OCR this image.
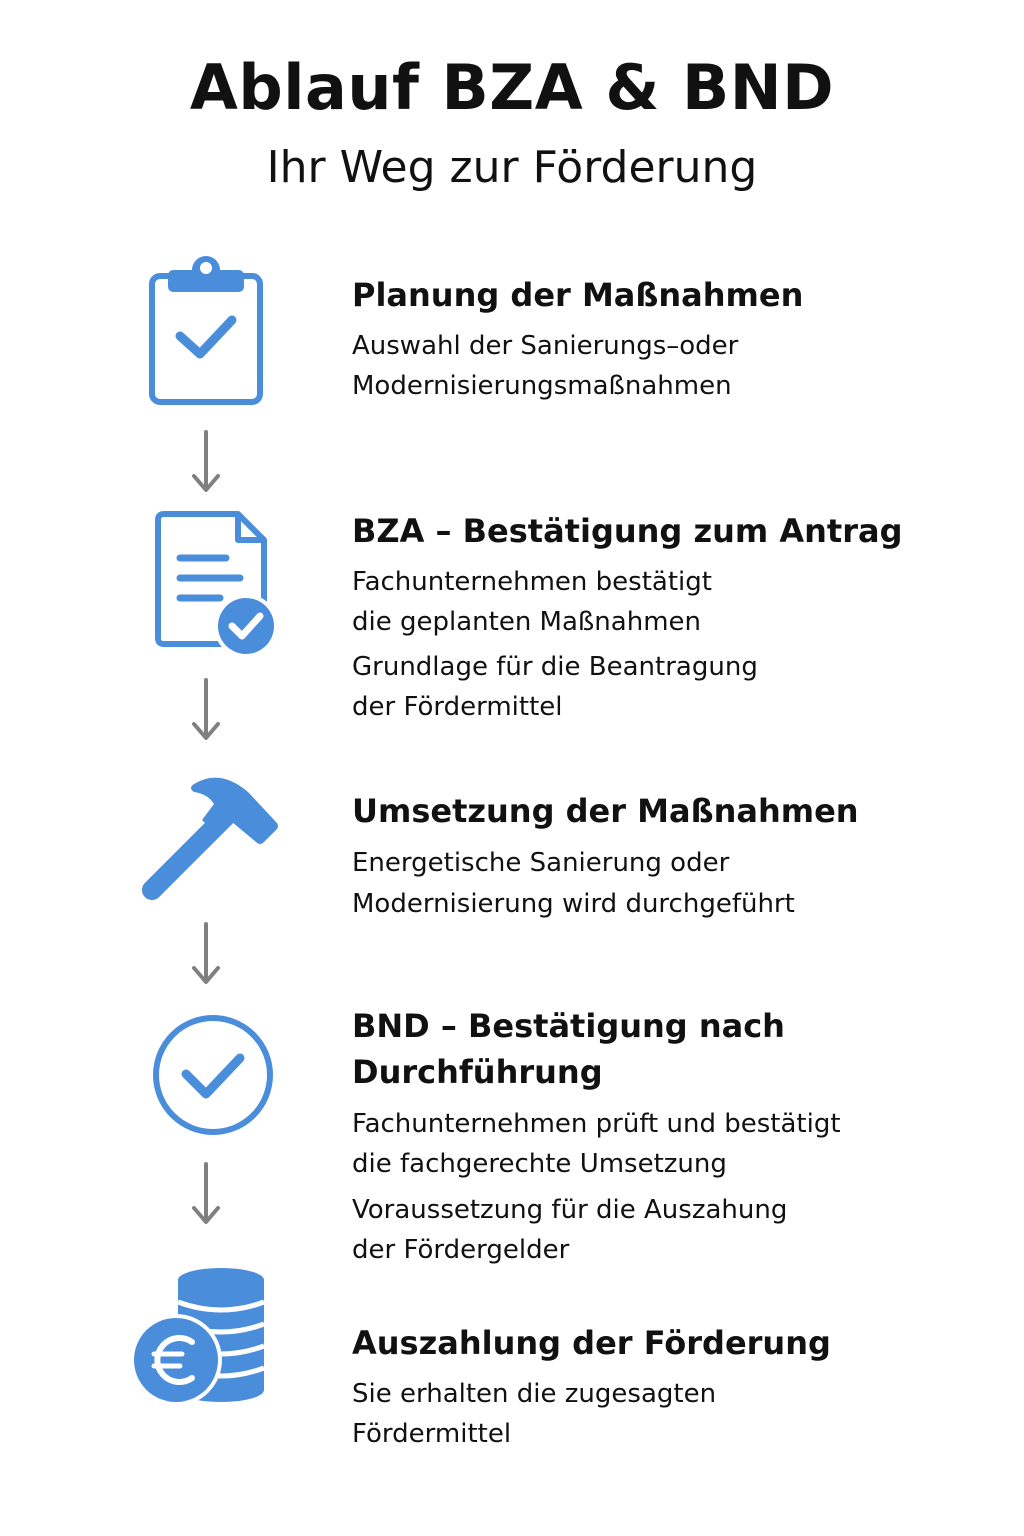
Ablauf BZA & BND
Ihr Weg zur Förderung
Planung der Maßnahmen
Auswahl der Sanierungs–oder
Modernisierungsmaßnahmen
BZA – Bestätigung zum Antrag
Fachunternehmen bestätigt
die geplanten Maßnahmen
Grundlage für die Beantragung
der Fördermittel
Umsetzung der Maßnahmen
Energetische Sanierung oder
Modernisierung wird durchgeführt
BND – Bestätigung nach
Durchführung
Fachunternehmen prüft und bestätigt
die fachgerechte Umsetzung
Voraussetzung für die Auszahung
der Fördergelder
Auszahlung der Förderung
Sie erhalten die zugesagten
Fördermittel
